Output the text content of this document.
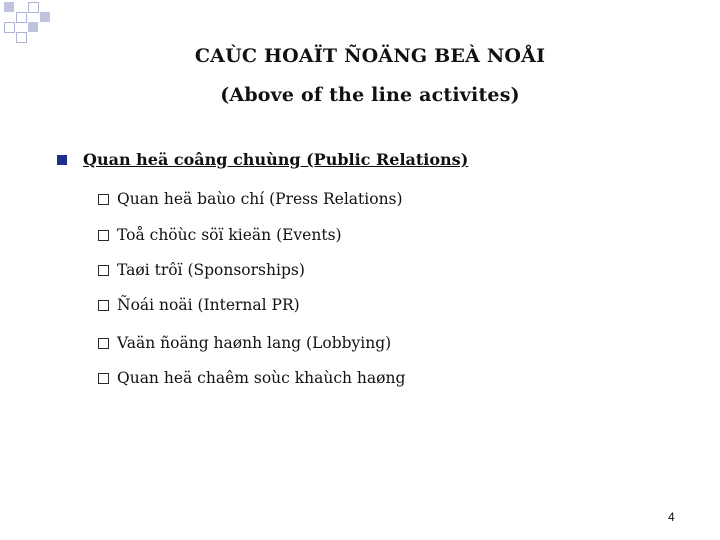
CAÙC HOAÏT ÑOÄNG BEÀ NOÅI
(Above of the line activites)
Quan heä coâng chuùng (Public Relations)
Quan heä baùo chí (Press Relations)
Toå chöùc söï kieän (Events)
Taøi trôï (Sponsorships)
Ñoái noäi (Internal PR)
Vaän ñoäng haønh lang (Lobbying)
Quan heä chaêm soùc khaùch haøng
4
